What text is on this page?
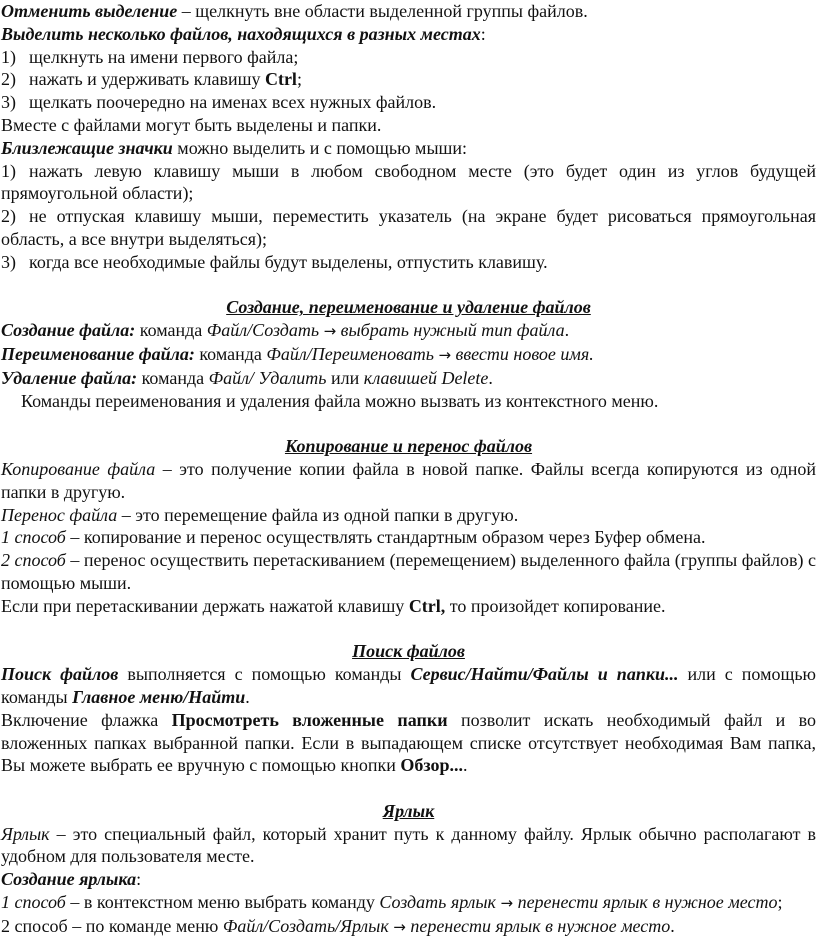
Отменить выделение – щелкнуть вне области выделенной группы файлов.

Выделить несколько файлов, находящихся в разных местах:

1) щелкнуть на имени первого файла;

2) нажать и удерживать клавишу Ctrl;

3) щелкать поочередно на именах всех нужных файлов.

Вместе с файлами могут быть выделены и папки.

Близлежащие значки можно выделить и с помощью мыши:

1) нажать левую клавишу мыши в любом свободном месте (это будет один из углов будущей прямоугольной области);

2) не отпуская клавишу мыши, переместить указатель (на экране будет рисоваться прямоугольная область, а все внутри выделяться);

3) когда все необходимые файлы будут выделены, отпустить клавишу.

Создание, переименование и удаление файлов

Создание файла: команда Файл/Создать → выбрать нужный тип файла.

Переименование файла: команда Файл/Переименовать → ввести новое имя.

Удаление файла: команда Файл/ Удалить или клавишей Delete.

Команды переименования и удаления файла можно вызвать из контекстного меню.

Копирование и перенос файлов

Копирование файла – это получение копии файла в новой папке. Файлы всегда копируются из одной папки в другую.

Перенос файла – это перемещение файла из одной папки в другую.

1 способ – копирование и перенос осуществлять стандартным образом через Буфер обмена.

2 способ – перенос осуществить перетаскиванием (перемещением) выделенного файла (группы файлов) с помощью мыши.

Если при перетаскивании держать нажатой клавишу Ctrl, то произойдет копирование.

Поиск файлов

Поиск файлов выполняется с помощью команды Сервис/Найти/Файлы и папки... или с помощью команды Главное меню/Найти.

Включение флажка Просмотреть вложенные папки позволит искать необходимый файл и во вложенных папках выбранной папки. Если в выпадающем списке отсутствует необходимая Вам папка, Вы можете выбрать ее вручную с помощью кнопки Обзор....

Ярлык

Ярлык – это специальный файл, который хранит путь к данному файлу. Ярлык обычно располагают в удобном для пользователя месте.

Создание ярлыка:

1 способ – в контекстном меню выбрать команду Создать ярлык → перенести ярлык в нужное место;

2 способ – по команде меню Файл/Создать/Ярлык → перенести ярлык в нужное место.
